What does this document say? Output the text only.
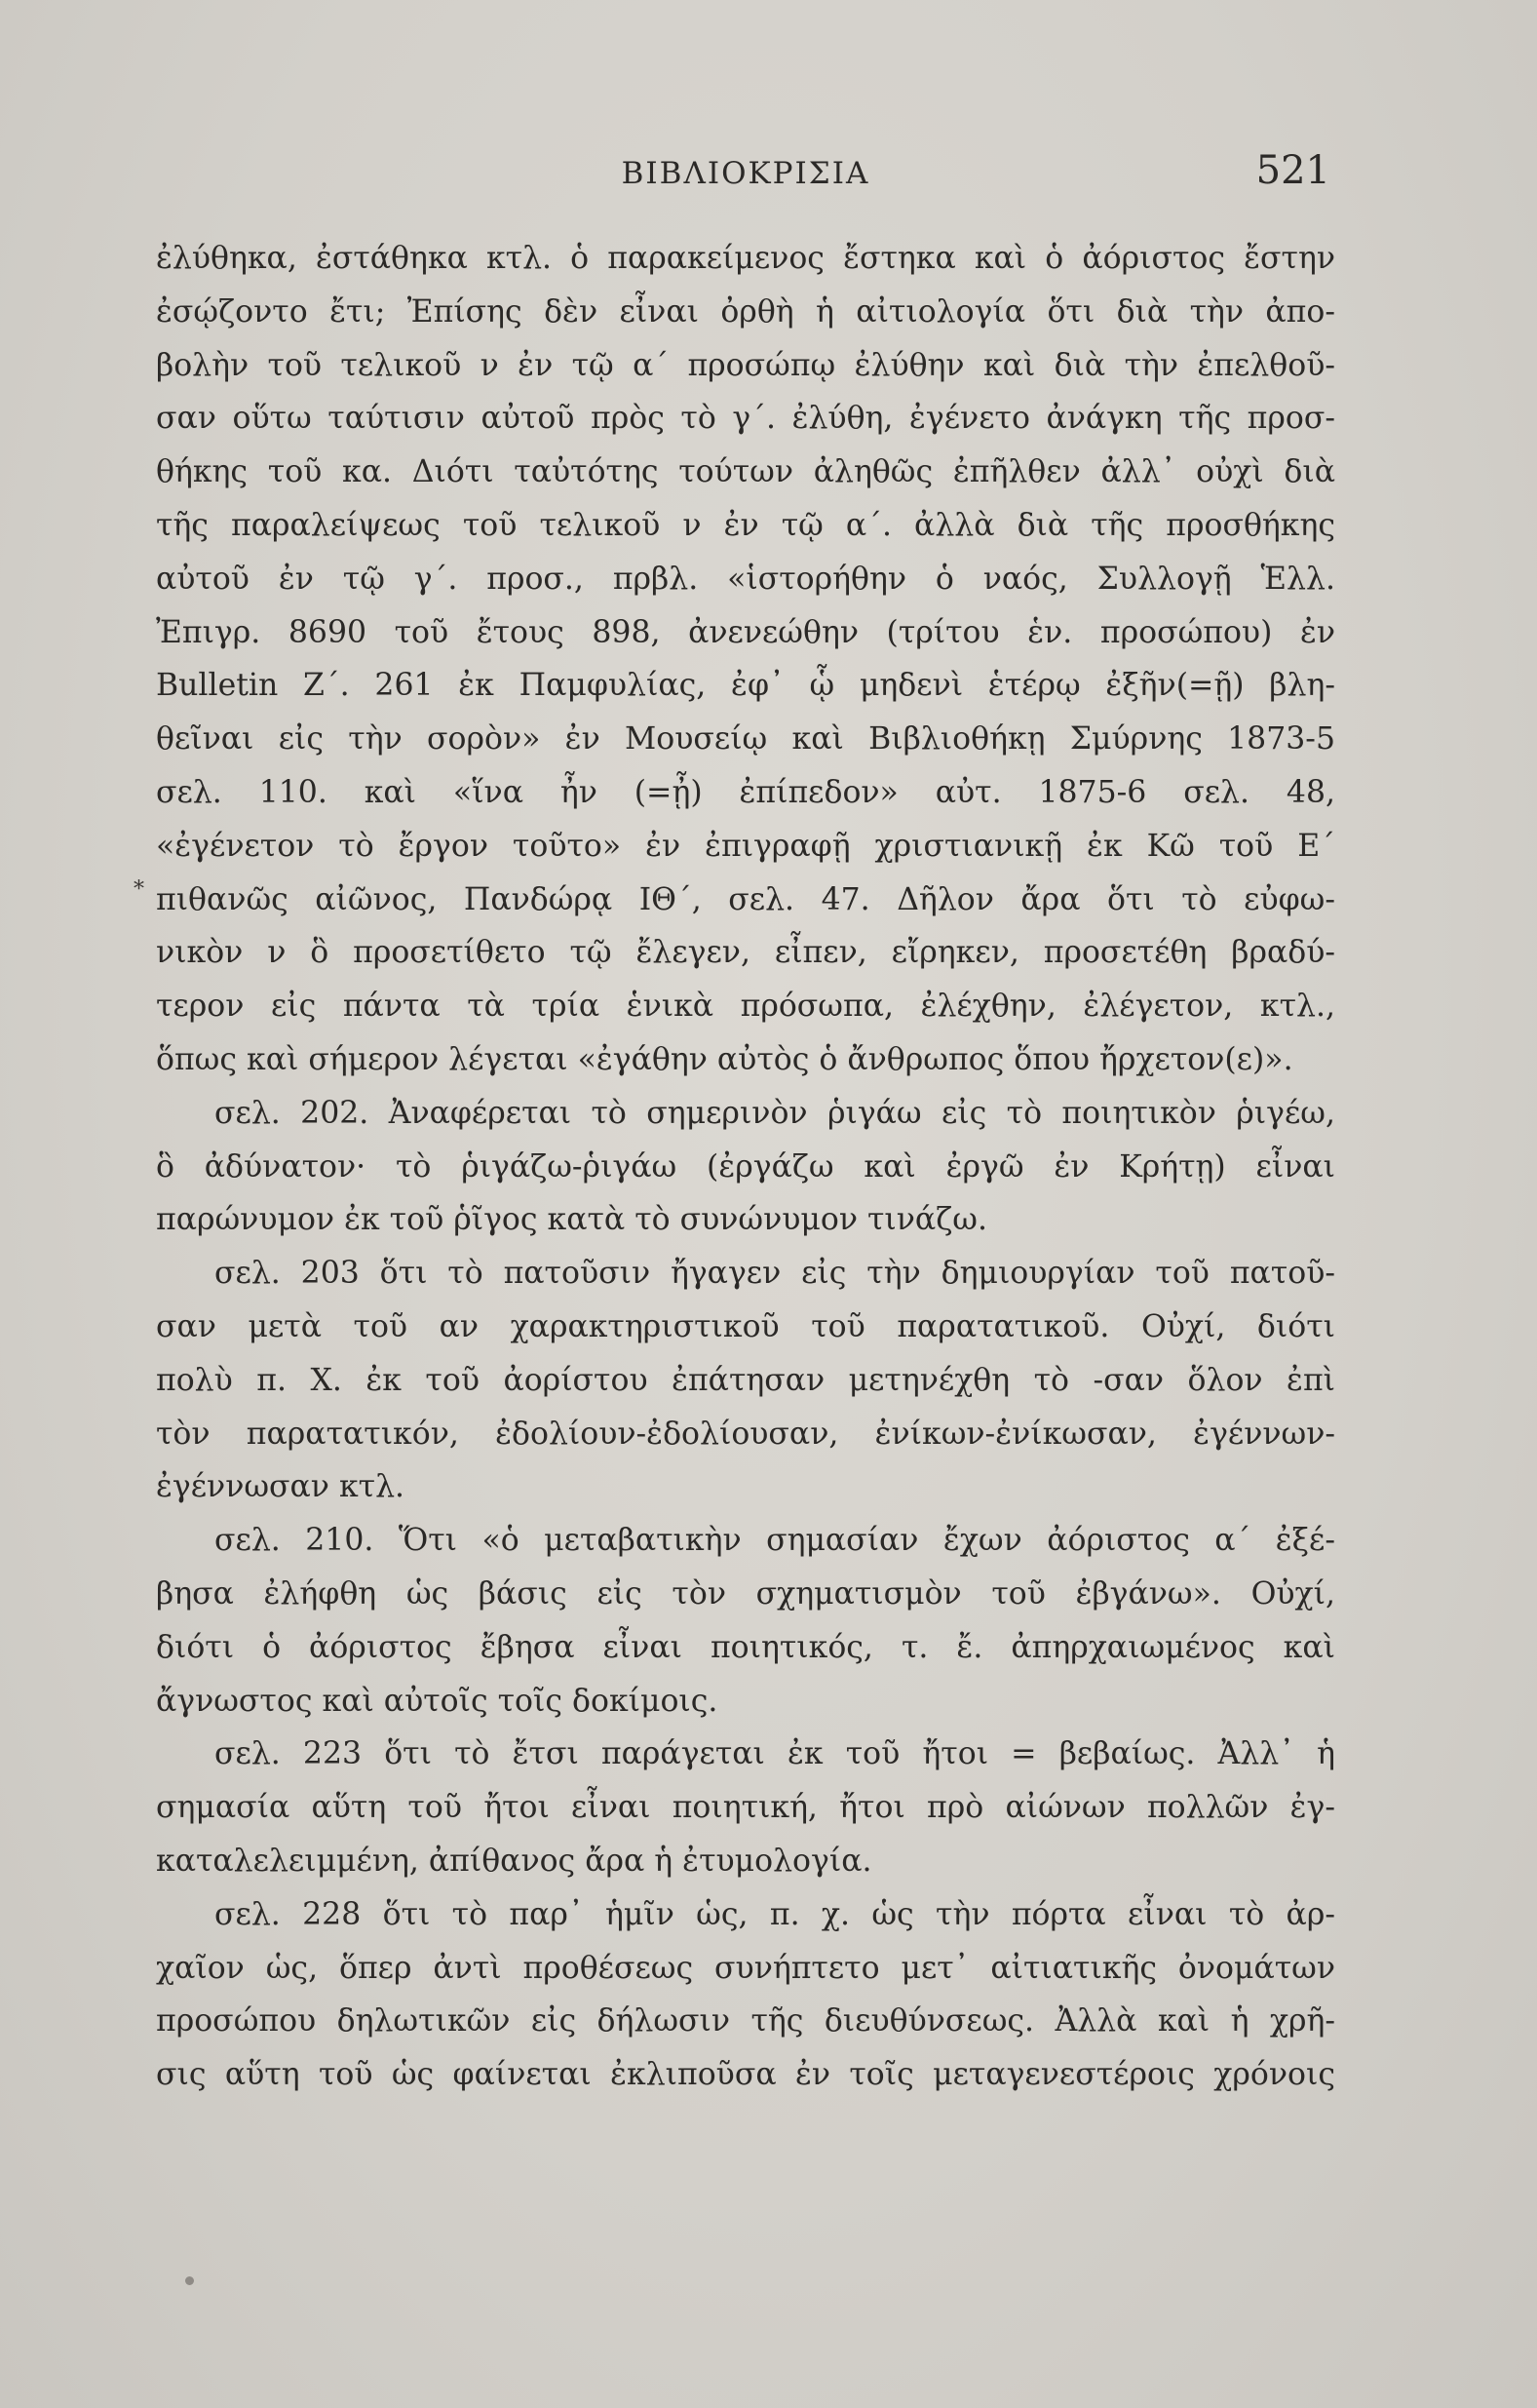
ΒΙΒΛΙΟΚΡΙΣΙΑ	521
*
ἐλύθηκα, ἐστάθηκα κτλ. ὁ παρακείμενος ἔστηκα καὶ ὁ ἀόριστος ἔστην
ἐσῴζοντο ἔτι; Ἐπίσης δὲν εἶναι ὀρθὴ ἡ αἰτιολογία ὅτι διὰ τὴν ἀπο-
βολὴν τοῦ τελικοῦ ν ἐν τῷ α΄ προσώπῳ ἐλύθην καὶ διὰ τὴν ἐπελθοῦ-
σαν οὕτω ταύτισιν αὐτοῦ πρὸς τὸ γ΄. ἐλύθη, ἐγένετο ἀνάγκη τῆς προσ-
θήκης τοῦ κα. Διότι ταὐτότης τούτων ἀληθῶς ἐπῆλθεν ἀλλ᾽ οὐχὶ διὰ
τῆς παραλείψεως τοῦ τελικοῦ ν ἐν τῷ α΄. ἀλλὰ διὰ τῆς προσθήκης
αὐτοῦ ἐν τῷ γ΄. προσ., πρβλ. «ἱστορήθην ὁ ναός, Συλλογῇ Ἑλλ.
Ἐπιγρ. 8690 τοῦ ἔτους 898, ἀνενεώθην (τρίτου ἑν. προσώπου) ἐν
Bulletin Z΄. 261 ἐκ Παμφυλίας, ἐφ᾽ ᾧ μηδενὶ ἑτέρῳ ἐξῆν(=ῇ) βλη-
θεῖναι εἰς τὴν σορὸν» ἐν Μουσείῳ καὶ Βιβλιοθήκῃ Σμύρνης 1873-5
σελ. 110. καὶ «ἵνα ἦν (=ᾖ) ἐπίπεδον» αὐτ. 1875-6 σελ. 48,
«ἐγένετον τὸ ἔργον τοῦτο» ἐν ἐπιγραφῇ χριστιανικῇ ἐκ Κῶ τοῦ Ε΄
πιθανῶς αἰῶνος, Πανδώρᾳ ΙΘ΄, σελ. 47. Δῆλον ἄρα ὅτι τὸ εὐφω-
νικὸν ν ὃ προσετίθετο τῷ ἔλεγεν, εἶπεν, εἴρηκεν, προσετέθη βραδύ-
τερον εἰς πάντα τὰ τρία ἑνικὰ πρόσωπα, ἐλέχθην, ἐλέγετον, κτλ.,
ὅπως καὶ σήμερον λέγεται «ἐγάθην αὐτὸς ὁ ἄνθρωπος ὅπου ἤρχετον(ε)».
σελ. 202. Ἀναφέρεται τὸ σημερινὸν ῥιγάω εἰς τὸ ποιητικὸν ῥιγέω,
ὃ ἀδύνατον· τὸ ῥιγάζω-ῥιγάω (ἐργάζω καὶ ἐργῶ ἐν Κρήτῃ) εἶναι
παρώνυμον ἐκ τοῦ ῥῖγος κατὰ τὸ συνώνυμον τινάζω.
σελ. 203 ὅτι τὸ πατοῦσιν ἤγαγεν εἰς τὴν δημιουργίαν τοῦ πατοῦ-
σαν μετὰ τοῦ αν χαρακτηριστικοῦ τοῦ παρατατικοῦ. Οὐχί, διότι
πολὺ π. Χ. ἐκ τοῦ ἀορίστου ἐπάτησαν μετηνέχθη τὸ -σαν ὅλον ἐπὶ
τὸν παρατατικόν, ἐδολίουν-ἐδολίουσαν, ἐνίκων-ἐνίκωσαν, ἐγέννων-
ἐγέννωσαν κτλ.
σελ. 210. Ὅτι «ὁ μεταβατικὴν σημασίαν ἔχων ἀόριστος α΄ ἐξέ-
βησα ἐλήφθη ὡς βάσις εἰς τὸν σχηματισμὸν τοῦ ἐβγάνω». Οὐχί,
διότι ὁ ἀόριστος ἔβησα εἶναι ποιητικός, τ. ἔ. ἀπηρχαιωμένος καὶ
ἄγνωστος καὶ αὐτοῖς τοῖς δοκίμοις.
σελ. 223 ὅτι τὸ ἔτσι παράγεται ἐκ τοῦ ἤτοι = βεβαίως. Ἀλλ᾽ ἡ
σημασία αὕτη τοῦ ἤτοι εἶναι ποιητική, ἤτοι πρὸ αἰώνων πολλῶν ἐγ-
καταλελειμμένη, ἀπίθανος ἄρα ἡ ἐτυμολογία.
σελ. 228 ὅτι τὸ παρ᾽ ἡμῖν ὡς, π. χ. ὡς τὴν πόρτα εἶναι τὸ ἀρ-
χαῖον ὡς, ὅπερ ἀντὶ προθέσεως συνήπτετο μετ᾽ αἰτιατικῆς ὀνομάτων
προσώπου δηλωτικῶν εἰς δήλωσιν τῆς διευθύνσεως. Ἀλλὰ καὶ ἡ χρῆ-
σις αὕτη τοῦ ὡς φαίνεται ἐκλιποῦσα ἐν τοῖς μεταγενεστέροις χρόνοις
